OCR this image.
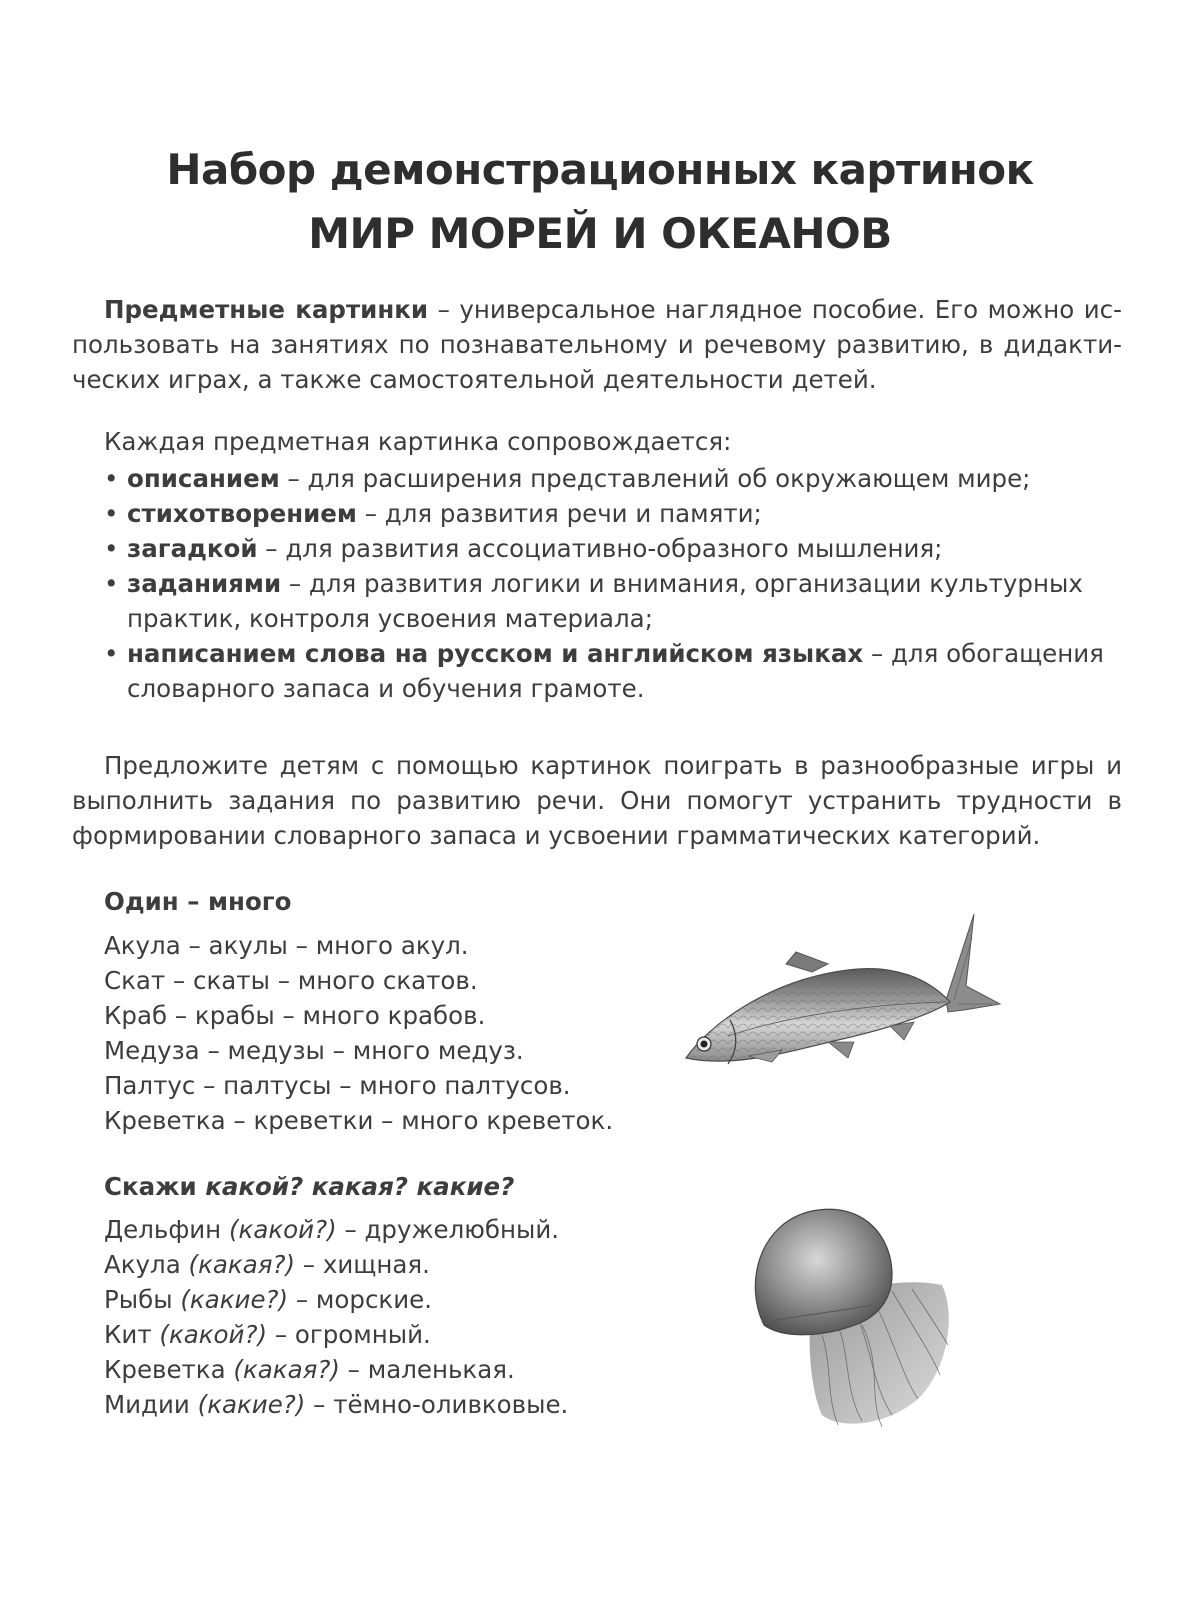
Набор демонстрационных картинок
МИР МОРЕЙ И ОКЕАНОВ

Предметные картинки – универсальное наглядное пособие. Его можно использовать на занятиях по познавательному и речевому развитию, в дидактических играх, а также самостоятельной деятельности детей.

Каждая предметная картинка сопровождается:
• описанием – для расширения представлений об окружающем мире;
• стихотворением – для развития речи и памяти;
• загадкой – для развития ассоциативно-образного мышления;
• заданиями – для развития логики и внимания, организации культурных практик, контроля усвоения материала;
• написанием слова на русском и английском языках – для обогащения словарного запаса и обучения грамоте.

Предложите детям с помощью картинок поиграть в разнообразные игры и выполнить задания по развитию речи. Они помогут устранить трудности в формировании словарного запаса и усвоении грамматических категорий.

Один – много
Акула – акулы – много акул.
Скат – скаты – много скатов.
Краб – крабы – много крабов.
Медуза – медузы – много медуз.
Палтус – палтусы – много палтусов.
Креветка – креветки – много креветок.
Скажи какой? какая? какие?
Дельфин (какой?) – дружелюбный.
Акула (какая?) – хищная.
Рыбы (какие?) – морские.
Кит (какой?) – огромный.
Креветка (какая?) – маленькая.
Мидии (какие?) – тёмно-оливковые.
